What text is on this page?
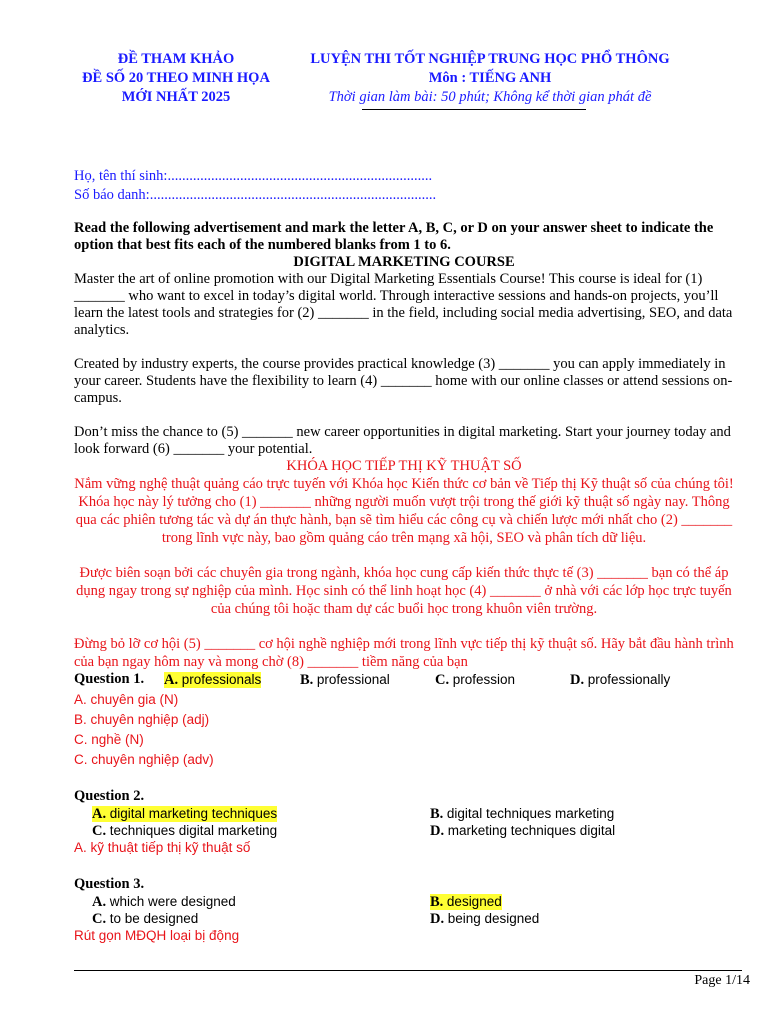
ĐỀ THAM KHẢO
ĐỀ SỐ 20 THEO MINH HỌA
MỚI NHẤT 2025
LUYỆN THI TỐT NGHIỆP TRUNG HỌC PHỔ THÔNG
Môn : TIẾNG ANH
Thời gian làm bài: 50 phút; Không kể thời gian phát đề
Họ, tên thí sinh:.........................................................................
Số báo danh:...............................................................................
Read the following advertisement and mark the letter A, B, C, or D on your answer sheet to indicate the option that best fits each of the numbered blanks from 1 to 6.
DIGITAL MARKETING COURSE

Master the art of online promotion with our Digital Marketing Essentials Course! This course is ideal for (1) _______ who want to excel in today’s digital world. Through interactive sessions and hands-on projects, you’ll learn the latest tools and strategies for (2) _______ in the field, including social media advertising, SEO, and data analytics.

Created by industry experts, the course provides practical knowledge (3) _______ you can apply immediately in your career. Students have the flexibility to learn (4) _______ home with our online classes or attend sessions on-campus.

Don’t miss the chance to (5) _______ new career opportunities in digital marketing. Start your journey today and look forward (6) _______ your potential.

KHÓA HỌC TIẾP THỊ KỸ THUẬT SỐ

Nắm vững nghệ thuật quảng cáo trực tuyến với Khóa học Kiến thức cơ bản về Tiếp thị Kỹ thuật số của chúng tôi! Khóa học này lý tưởng cho (1) _______ những người muốn vượt trội trong thế giới kỹ thuật số ngày nay. Thông qua các phiên tương tác và dự án thực hành, bạn sẽ tìm hiểu các công cụ và chiến lược mới nhất cho (2) _______ trong lĩnh vực này, bao gồm quảng cáo trên mạng xã hội, SEO và phân tích dữ liệu.

Được biên soạn bởi các chuyên gia trong ngành, khóa học cung cấp kiến thức thực tế (3) _______ bạn có thể áp dụng ngay trong sự nghiệp của mình. Học sinh có thể linh hoạt học (4) _______ ở nhà với các lớp học trực tuyến của chúng tôi hoặc tham dự các buổi học trong khuôn viên trường.

Đừng bỏ lỡ cơ hội (5) _______ cơ hội nghề nghiệp mới trong lĩnh vực tiếp thị kỹ thuật số. Hãy bắt đầu hành trình của bạn ngay hôm nay và mong chờ (8) _______ tiềm năng của bạn

Question 1. A. professionals	B. professional	C. profession	D. professionally
A. chuyên gia (N)
B. chuyên nghiệp (adj)
C. nghề (N)
C. chuyên nghiệp (adv)
Question 2.
A. digital marketing techniques	B. digital techniques marketing
C. techniques digital marketing	D. marketing techniques digital
A. kỹ thuật tiếp thị kỹ thuật số
Question 3.
A. which were designed	B. designed
C. to be designed	D. being designed
Rút gọn MĐQH loại bị động
Page 1/14
